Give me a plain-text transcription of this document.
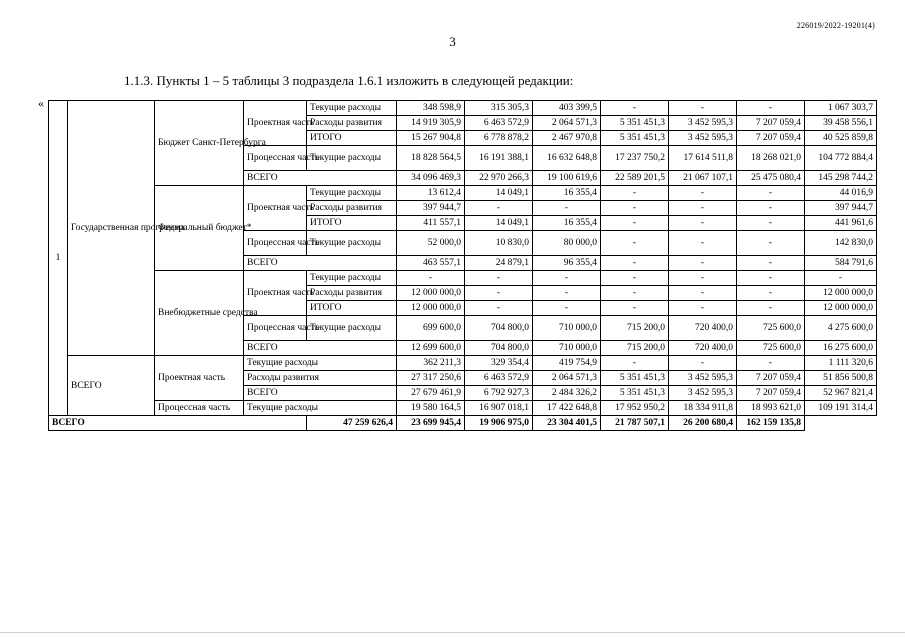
226019/2022-19201(4)
3
1.1.3. Пункты 1 – 5 таблицы 3 подраздела 1.6.1 изложить в следующей редакции:
«
1	Государственная программа	Бюджет Санкт-Петербурга	Проектная часть	Текущие расходы	348 598,9	315 305,3	403 399,5	-	-	-	1 067 303,7
				Расходы развития	14 919 305,9	6 463 572,9	2 064 571,3	5 351 451,3	3 452 595,3	7 207 059,4	39 458 556,1
				ИТОГО	15 267 904,8	6 778 878,2	2 467 970,8	5 351 451,3	3 452 595,3	7 207 059,4	40 525 859,8
			Процессная часть	Текущие расходы	18 828 564,5	16 191 388,1	16 632 648,8	17 237 750,2	17 614 511,8	18 268 021,0	104 772 884,4
			ВСЕГО		34 096 469,3	22 970 266,3	19 100 619,6	22 589 201,5	21 067 107,1	25 475 080,4	145 298 744,2
		Федеральный бюджет*	Проектная часть	Текущие расходы	13 612,4	14 049,1	16 355,4	-	-	-	44 016,9
				Расходы развития	397 944,7	-	-	-	-	-	397 944,7
				ИТОГО	411 557,1	14 049,1	16 355,4	-	-	-	441 961,6
			Процессная часть	Текущие расходы	52 000,0	10 830,0	80 000,0	-	-	-	142 830,0
			ВСЕГО		463 557,1	24 879,1	96 355,4	-	-	-	584 791,6
		Внебюджетные средства	Проектная часть	Текущие расходы	-	-	-	-	-	-	-
				Расходы развития	12 000 000,0	-	-	-	-	-	12 000 000,0
				ИТОГО	12 000 000,0	-	-	-	-	-	12 000 000,0
			Процессная часть	Текущие расходы	699 600,0	704 800,0	710 000,0	715 200,0	720 400,0	725 600,0	4 275 600,0
			ВСЕГО		12 699 600,0	704 800,0	710 000,0	715 200,0	720 400,0	725 600,0	16 275 600,0
	ВСЕГО	Проектная часть	Текущие расходы		362 211,3	329 354,4	419 754,9	-	-	-	1 111 320,6
			Расходы развития		27 317 250,6	6 463 572,9	2 064 571,3	5 351 451,3	3 452 595,3	7 207 059,4	51 856 500,8
			ВСЕГО		27 679 461,9	6 792 927,3	2 484 326,2	5 351 451,3	3 452 595,3	7 207 059,4	52 967 821,4
		Процессная часть	Текущие расходы		19 580 164,5	16 907 018,1	17 422 648,8	17 952 950,2	18 334 911,8	18 993 621,0	109 191 314,4
ВСЕГО				47 259 626,4	23 699 945,4	19 906 975,0	23 304 401,5	21 787 507,1	26 200 680,4	162 159 135,8	
